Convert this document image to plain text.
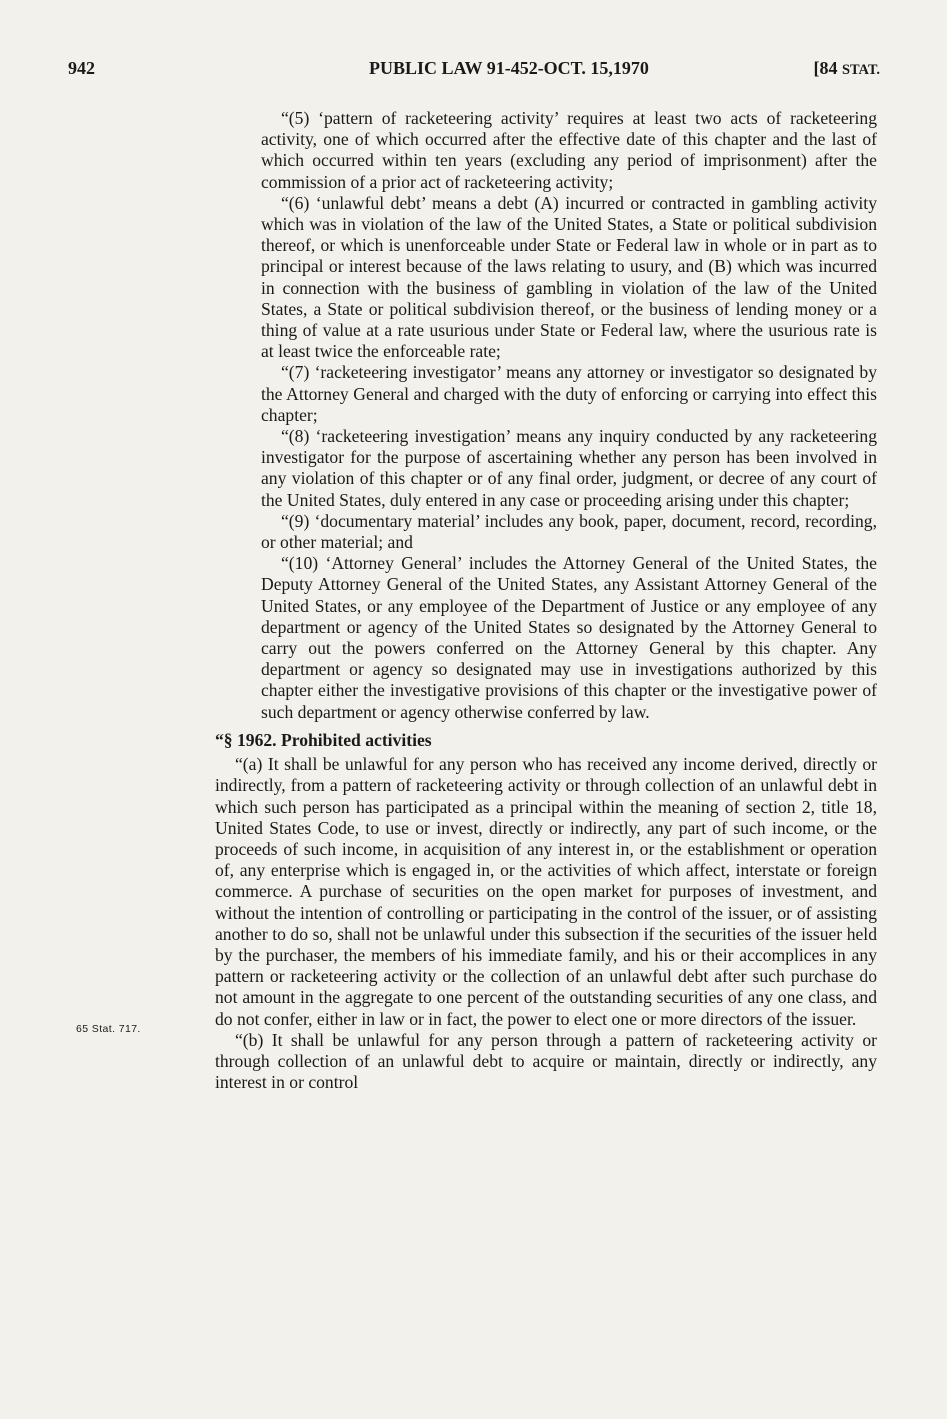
942	PUBLIC LAW 91-452-OCT. 15,1970	[84 STAT.
65 Stat. 717.

“(5) ‘pattern of racketeering activity’ requires at least two acts of racketeering activity, one of which occurred after the effective date of this chapter and the last of which occurred within ten years (excluding any period of imprisonment) after the commission of a prior act of racketeering activity;

“(6) ‘unlawful debt’ means a debt (A) incurred or contracted in gambling activity which was in violation of the law of the United States, a State or political subdivision thereof, or which is unenforceable under State or Federal law in whole or in part as to principal or interest because of the laws relating to usury, and (B) which was incurred in connection with the business of gambling in violation of the law of the United States, a State or political subdivision thereof, or the business of lending money or a thing of value at a rate usurious under State or Federal law, where the usurious rate is at least twice the enforceable rate;

“(7) ‘racketeering investigator’ means any attorney or investigator so designated by the Attorney General and charged with the duty of enforcing or carrying into effect this chapter;

“(8) ‘racketeering investigation’ means any inquiry conducted by any racketeering investigator for the purpose of ascertaining whether any person has been involved in any violation of this chapter or of any final order, judgment, or decree of any court of the United States, duly entered in any case or proceeding arising under this chapter;

“(9) ‘documentary material’ includes any book, paper, document, record, recording, or other material; and

“(10) ‘Attorney General’ includes the Attorney General of the United States, the Deputy Attorney General of the United States, any Assistant Attorney General of the United States, or any employee of the Department of Justice or any employee of any department or agency of the United States so designated by the Attorney General to carry out the powers conferred on the Attorney General by this chapter. Any department or agency so designated may use in investigations authorized by this chapter either the investigative provisions of this chapter or the investigative power of such department or agency otherwise conferred by law.

“§ 1962. Prohibited activities

“(a) It shall be unlawful for any person who has received any income derived, directly or indirectly, from a pattern of racketeering activity or through collection of an unlawful debt in which such person has participated as a principal within the meaning of section 2, title 18, United States Code, to use or invest, directly or indirectly, any part of such income, or the proceeds of such income, in acquisition of any interest in, or the establishment or operation of, any enterprise which is engaged in, or the activities of which affect, interstate or foreign commerce. A purchase of securities on the open market for purposes of investment, and without the intention of controlling or participating in the control of the issuer, or of assisting another to do so, shall not be unlawful under this subsection if the securities of the issuer held by the purchaser, the members of his immediate family, and his or their accomplices in any pattern or racketeering activity or the collection of an unlawful debt after such purchase do not amount in the aggregate to one percent of the outstanding securities of any one class, and do not confer, either in law or in fact, the power to elect one or more directors of the issuer.

“(b) It shall be unlawful for any person through a pattern of racketeering activity or through collection of an unlawful debt to acquire or maintain, directly or indirectly, any interest in or control
